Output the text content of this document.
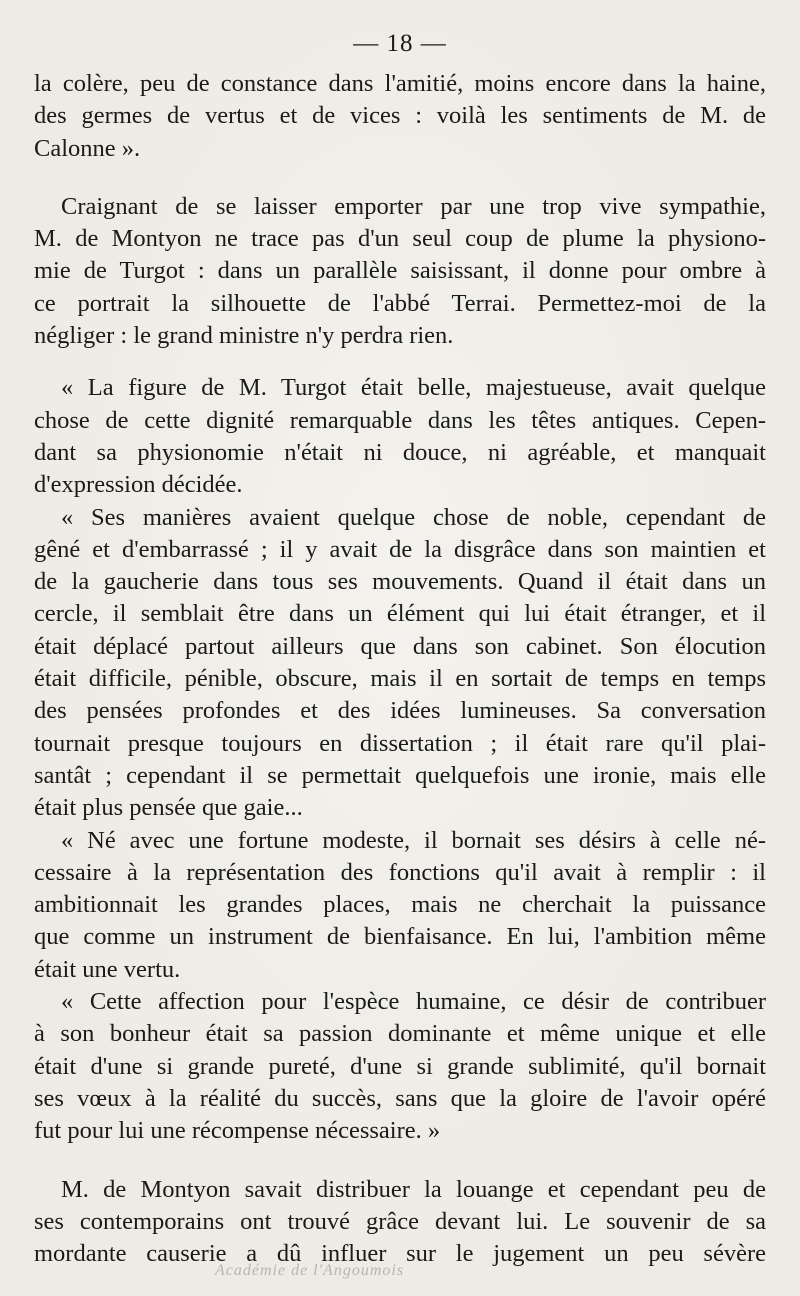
— 18 —
la colère, peu de constance dans l'amitié, moins encore dans la haine,
des germes de vertus et de vices : voilà les sentiments de M. de
Calonne ».
Craignant de se laisser emporter par une trop vive sympathie,
M. de Montyon ne trace pas d'un seul coup de plume la physiono-
mie de Turgot : dans un parallèle saisissant, il donne pour ombre à
ce portrait la silhouette de l'abbé Terrai. Permettez-moi de la
négliger : le grand ministre n'y perdra rien.
« La figure de M. Turgot était belle, majestueuse, avait quelque
chose de cette dignité remarquable dans les têtes antiques. Cepen-
dant sa physionomie n'était ni douce, ni agréable, et manquait
d'expression décidée.
« Ses manières avaient quelque chose de noble, cependant de
gêné et d'embarrassé ; il y avait de la disgrâce dans son maintien et
de la gaucherie dans tous ses mouvements. Quand il était dans un
cercle, il semblait être dans un élément qui lui était étranger, et il
était déplacé partout ailleurs que dans son cabinet. Son élocution
était difficile, pénible, obscure, mais il en sortait de temps en temps
des pensées profondes et des idées lumineuses. Sa conversation
tournait presque toujours en dissertation ; il était rare qu'il plai-
santât ; cependant il se permettait quelquefois une ironie, mais elle
était plus pensée que gaie...
« Né avec une fortune modeste, il bornait ses désirs à celle né-
cessaire à la représentation des fonctions qu'il avait à remplir : il
ambitionnait les grandes places, mais ne cherchait la puissance
que comme un instrument de bienfaisance. En lui, l'ambition même
était une vertu.
« Cette affection pour l'espèce humaine, ce désir de contribuer
à son bonheur était sa passion dominante et même unique et elle
était d'une si grande pureté, d'une si grande sublimité, qu'il bornait
ses vœux à la réalité du succès, sans que la gloire de l'avoir opéré
fut pour lui une récompense nécessaire. »
M. de Montyon savait distribuer la louange et cependant peu de
ses contemporains ont trouvé grâce devant lui. Le souvenir de sa
mordante causerie a dû influer sur le jugement un peu sévère
Académie de l'Angoumois
